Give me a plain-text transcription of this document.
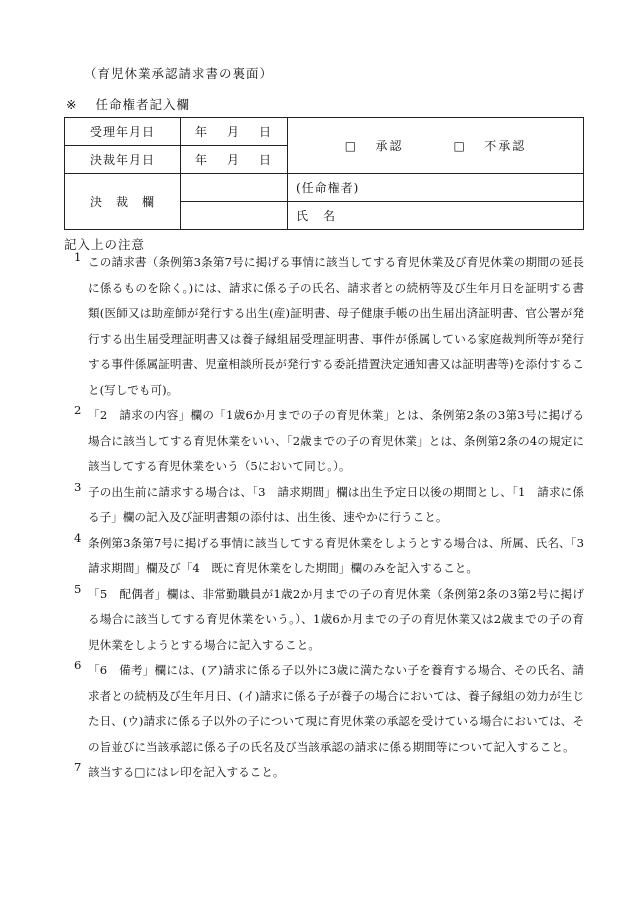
（育児休業承認請求書の裏面）
※ 任命権者記入欄
受理年月日	年 月 日	□ 承認 □ 不承認
決裁年月日	年 月 日	
決　裁　欄		(任命権者)
		氏 名
記入上の注意
1 この請求書（条例第3条第7号に掲げる事情に該当してする育児休業及び育児休業の期間の延長に係るものを除く。)には、請求に係る子の氏名、請求者との続柄等及び生年月日を証明する書類(医師又は助産師が発行する出生(産)証明書、母子健康手帳の出生届出済証明書、官公署が発行する出生届受理証明書又は養子縁組届受理証明書、事件が係属している家庭裁判所等が発行する事件係属証明書、児童相談所長が発行する委託措置決定通知書又は証明書等)を添付すること(写しでも可)。
2 「2　請求の内容」欄の「1歳6か月までの子の育児休業」とは、条例第2条の3第3号に掲げる場合に該当してする育児休業をいい、「2歳までの子の育児休業」とは、条例第2条の4の規定に該当してする育児休業をいう（5において同じ。）。
3 子の出生前に請求する場合は、「3　請求期間」欄は出生予定日以後の期間とし、「1　請求に係る子」欄の記入及び証明書類の添付は、出生後、速やかに行うこと。
4 条例第3条第7号に掲げる事情に該当してする育児休業をしようとする場合は、所属、氏名、「3　請求期間」欄及び「4　既に育児休業をした期間」欄のみを記入すること。
5 「5　配偶者」欄は、非常勤職員が1歳2か月までの子の育児休業（条例第2条の3第2号に掲げる場合に該当してする育児休業をいう。）、1歳6か月までの子の育児休業又は2歳までの子の育児休業をしようとする場合に記入すること。
6 「6　備考」欄には、(ア)請求に係る子以外に3歳に満たない子を養育する場合、その氏名、請求者との続柄及び生年月日、(イ)請求に係る子が養子の場合においては、養子縁組の効力が生じた日、(ウ)請求に係る子以外の子について現に育児休業の承認を受けている場合においては、その旨並びに当該承認に係る子の氏名及び当該承認の請求に係る期間等について記入すること。
7 該当する□にはレ印を記入すること。
